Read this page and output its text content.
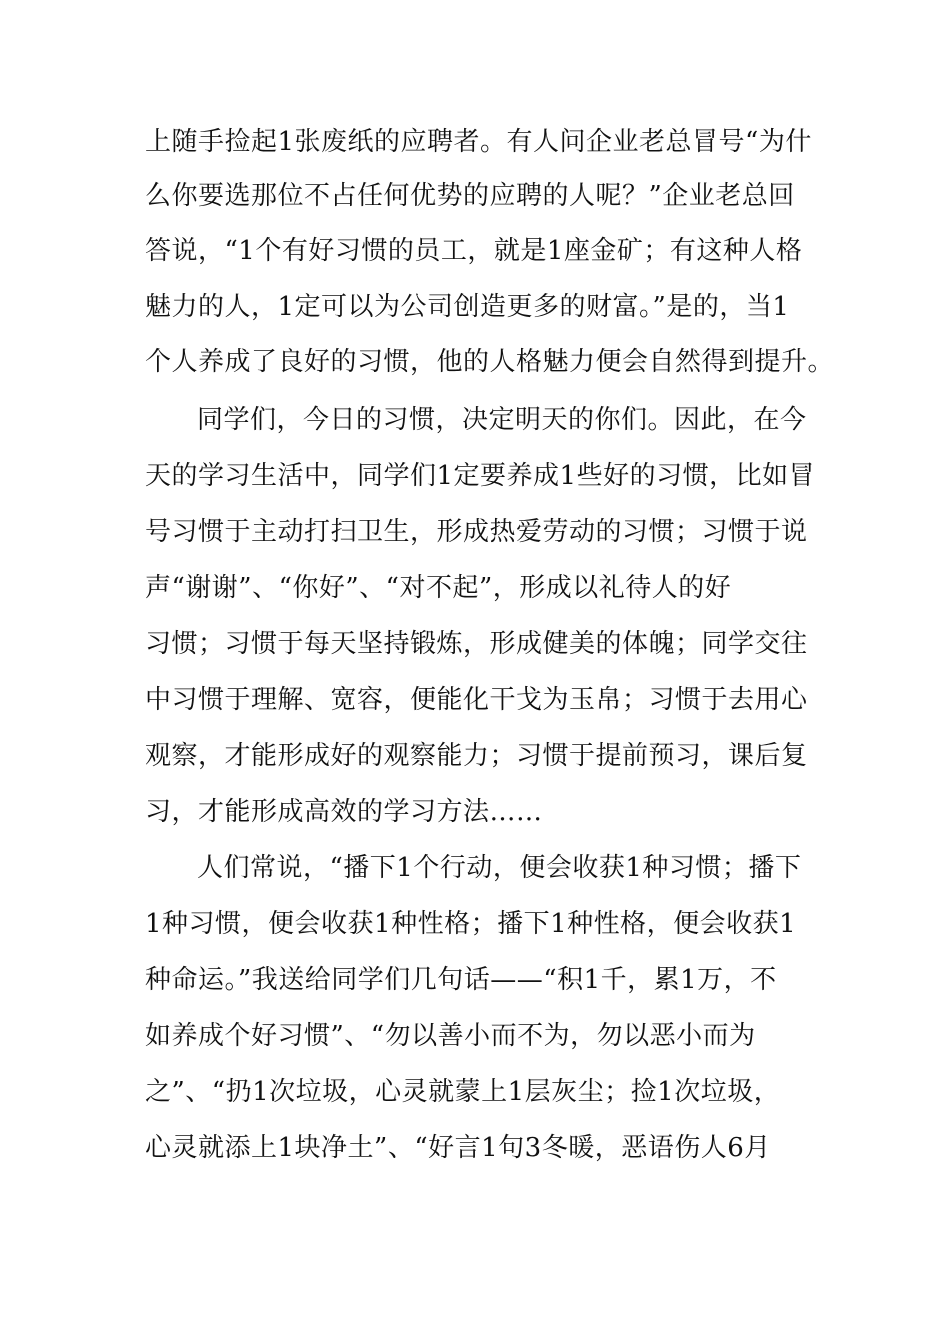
上随手捡起1张废纸的应聘者。有人问企业老总冒号“为什
么你要选那位不占任何优势的应聘的人呢？”企业老总回
答说，“1个有好习惯的员工，就是1座金矿；有这种人格
魅力的人，1定可以为公司创造更多的财富。”是的，当1
个人养成了良好的习惯，他的人格魅力便会自然得到提升。
同学们，今日的习惯，决定明天的你们。因此，在今
天的学习生活中，同学们1定要养成1些好的习惯，比如冒
号习惯于主动打扫卫生，形成热爱劳动的习惯；习惯于说
声“谢谢”、“你好”、“对不起”，形成以礼待人的好
习惯；习惯于每天坚持锻炼，形成健美的体魄；同学交往
中习惯于理解、宽容，便能化干戈为玉帛；习惯于去用心
观察，才能形成好的观察能力；习惯于提前预习，课后复
习，才能形成高效的学习方法……
人们常说，“播下1个行动，便会收获1种习惯；播下
1种习惯，便会收获1种性格；播下1种性格，便会收获1
种命运。”我送给同学们几句话——“积1千，累1万，不
如养成个好习惯”、“勿以善小而不为，勿以恶小而为
之”、“扔1次垃圾，心灵就蒙上1层灰尘；捡1次垃圾，
心灵就添上1块净土”、“好言1句3冬暖，恶语伤人6月
